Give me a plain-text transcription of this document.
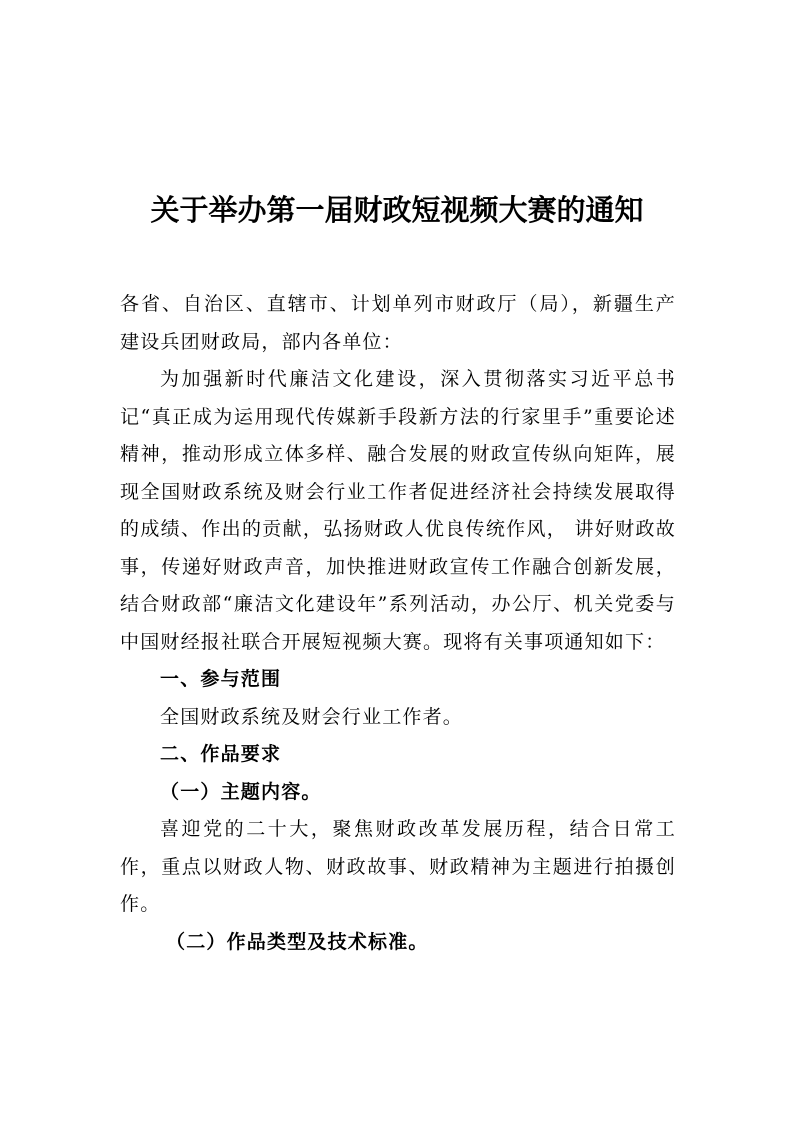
关于举办第一届财政短视频大赛的通知

各省、自治区、直辖市、计划单列市财政厅（局），新疆生产建设兵团财政局，部内各单位：

为加强新时代廉洁文化建设，深入贯彻落实习近平总书记“真正成为运用现代传媒新手段新方法的行家里手”重要论述精神，推动形成立体多样、融合发展的财政宣传纵向矩阵，展现全国财政系统及财会行业工作者促进经济社会持续发展取得的成绩、作出的贡献，弘扬财政人优良传统作风， 讲好财政故事，传递好财政声音，加快推进财政宣传工作融合创新发展，结合财政部“廉洁文化建设年”系列活动，办公厅、机关党委与中国财经报社联合开展短视频大赛。现将有关事项通知如下：

一、参与范围

全国财政系统及财会行业工作者。

二、作品要求

（一）主题内容。

喜迎党的二十大，聚焦财政改革发展历程，结合日常工作，重点以财政人物、财政故事、财政精神为主题进行拍摄创作。

（二）作品类型及技术标准。
